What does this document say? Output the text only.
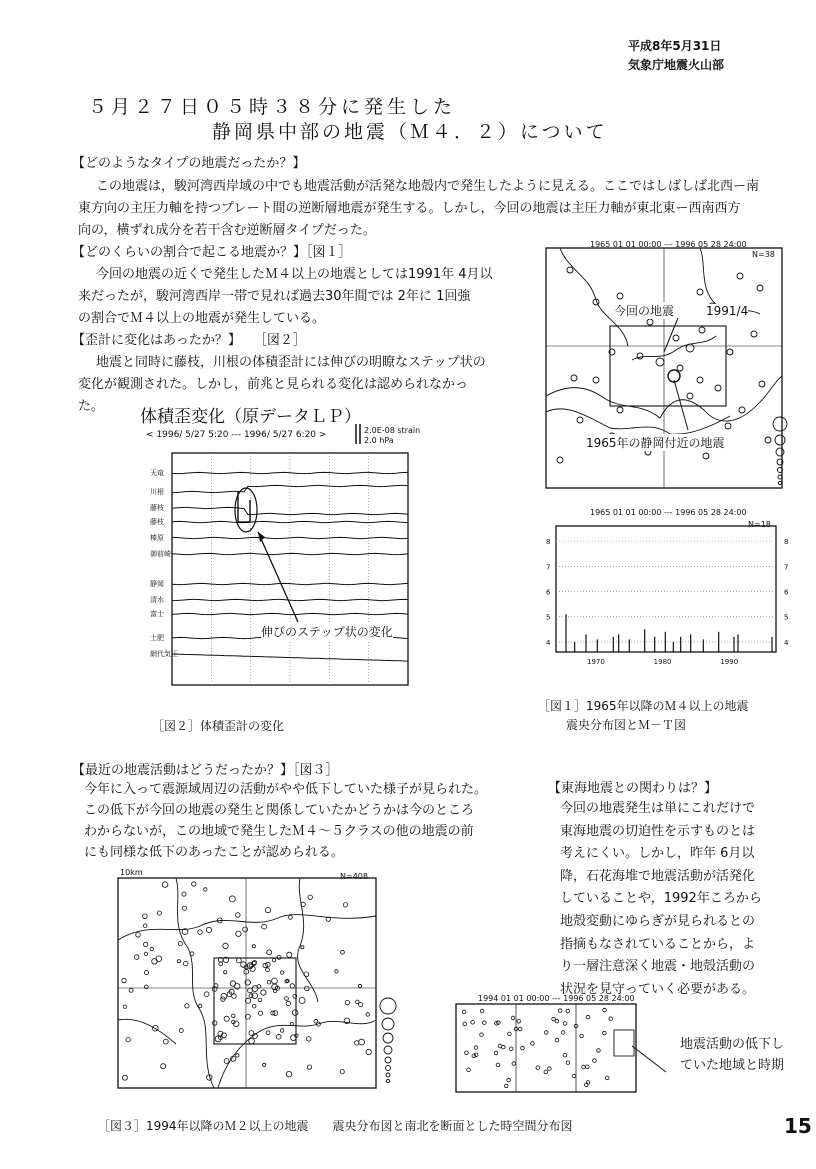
平成8年5月31日
気象庁地震火山部
５月２７日０５時３８分に発生した
静岡県中部の地震（Ｍ４．２）について
【どのようなタイプの地震だったか？】
この地震は，駿河湾西岸域の中でも地震活動が活発な地殻内で発生したように見える。ここではしばしば北西ー南
東方向の主圧力軸を持つプレート間の逆断層地震が発生する。しかし，今回の地震は主圧力軸が東北東ー西南西方
向の，横ずれ成分を若干含む逆断層タイプだった。
【どのくらいの割合で起こる地震か？】［図１］
今回の地震の近くで発生したＭ４以上の地震としては1991年 4月以
来だったが，駿河湾西岸一帯で見れば過去30年間では 2年に 1回強
の割合でＭ４以上の地震が発生している。
【歪計に変化はあったか？】　　［図２］
地震と同時に藤枝，川根の体積歪計には伸びの明瞭なステップ状の
変化が観測された。しかし，前兆と見られる変化は認められなかっ
た。
体積歪変化（原データＬＰ）
< 1996/ 5/27 5:20 --- 1996/ 5/27 6:20 >	2.0E-08 strain
2.0 hPa
天竜
川根
藤枝
藤枝
榛原
御前崎
静岡
清水
富士
土肥
網代気圧
伸びのステップ状の変化
［図２］体積歪計の変化
1965 01 01 00:00 --- 1996 05 28 24:00
N=38
今回の地震	1991/4
1965年の静岡付近の地震
1965 01 01 00:00 --- 1996 05 28 24:00
N=18
8	8
7	7
6	6
5	5
4	4
1970	1980	1990
［図１］1965年以降のＭ４以上の地震
震央分布図とＭ－Ｔ図
【最近の地震活動はどうだったか？】［図３］
今年に入って震源域周辺の活動がやや低下していた様子が見られた。
この低下が今回の地震の発生と関係していたかどうかは今のところ
わからないが，この地域で発生したＭ４～５クラスの他の地震の前
にも同様な低下のあったことが認められる。
【東海地震との関わりは？】
今回の地震発生は単にこれだけで
東海地震の切迫性を示すものとは
考えにくい。しかし，昨年 6月以
降，石花海堆で地震活動が活発化
していることや，1992年ころから
地殻変動にゆらぎが見られるとの
指摘もなされていることから，よ
り一層注意深く地震・地殻活動の
状況を見守っていく必要がある。
10km	N=408
1994 01 01 00:00 --- 1996 05 28 24:00
地震活動の低下し
ていた地域と時期
［図３］1994年以降のＭ２以上の地震　　震央分布図と南北を断面とした時空間分布図	15
